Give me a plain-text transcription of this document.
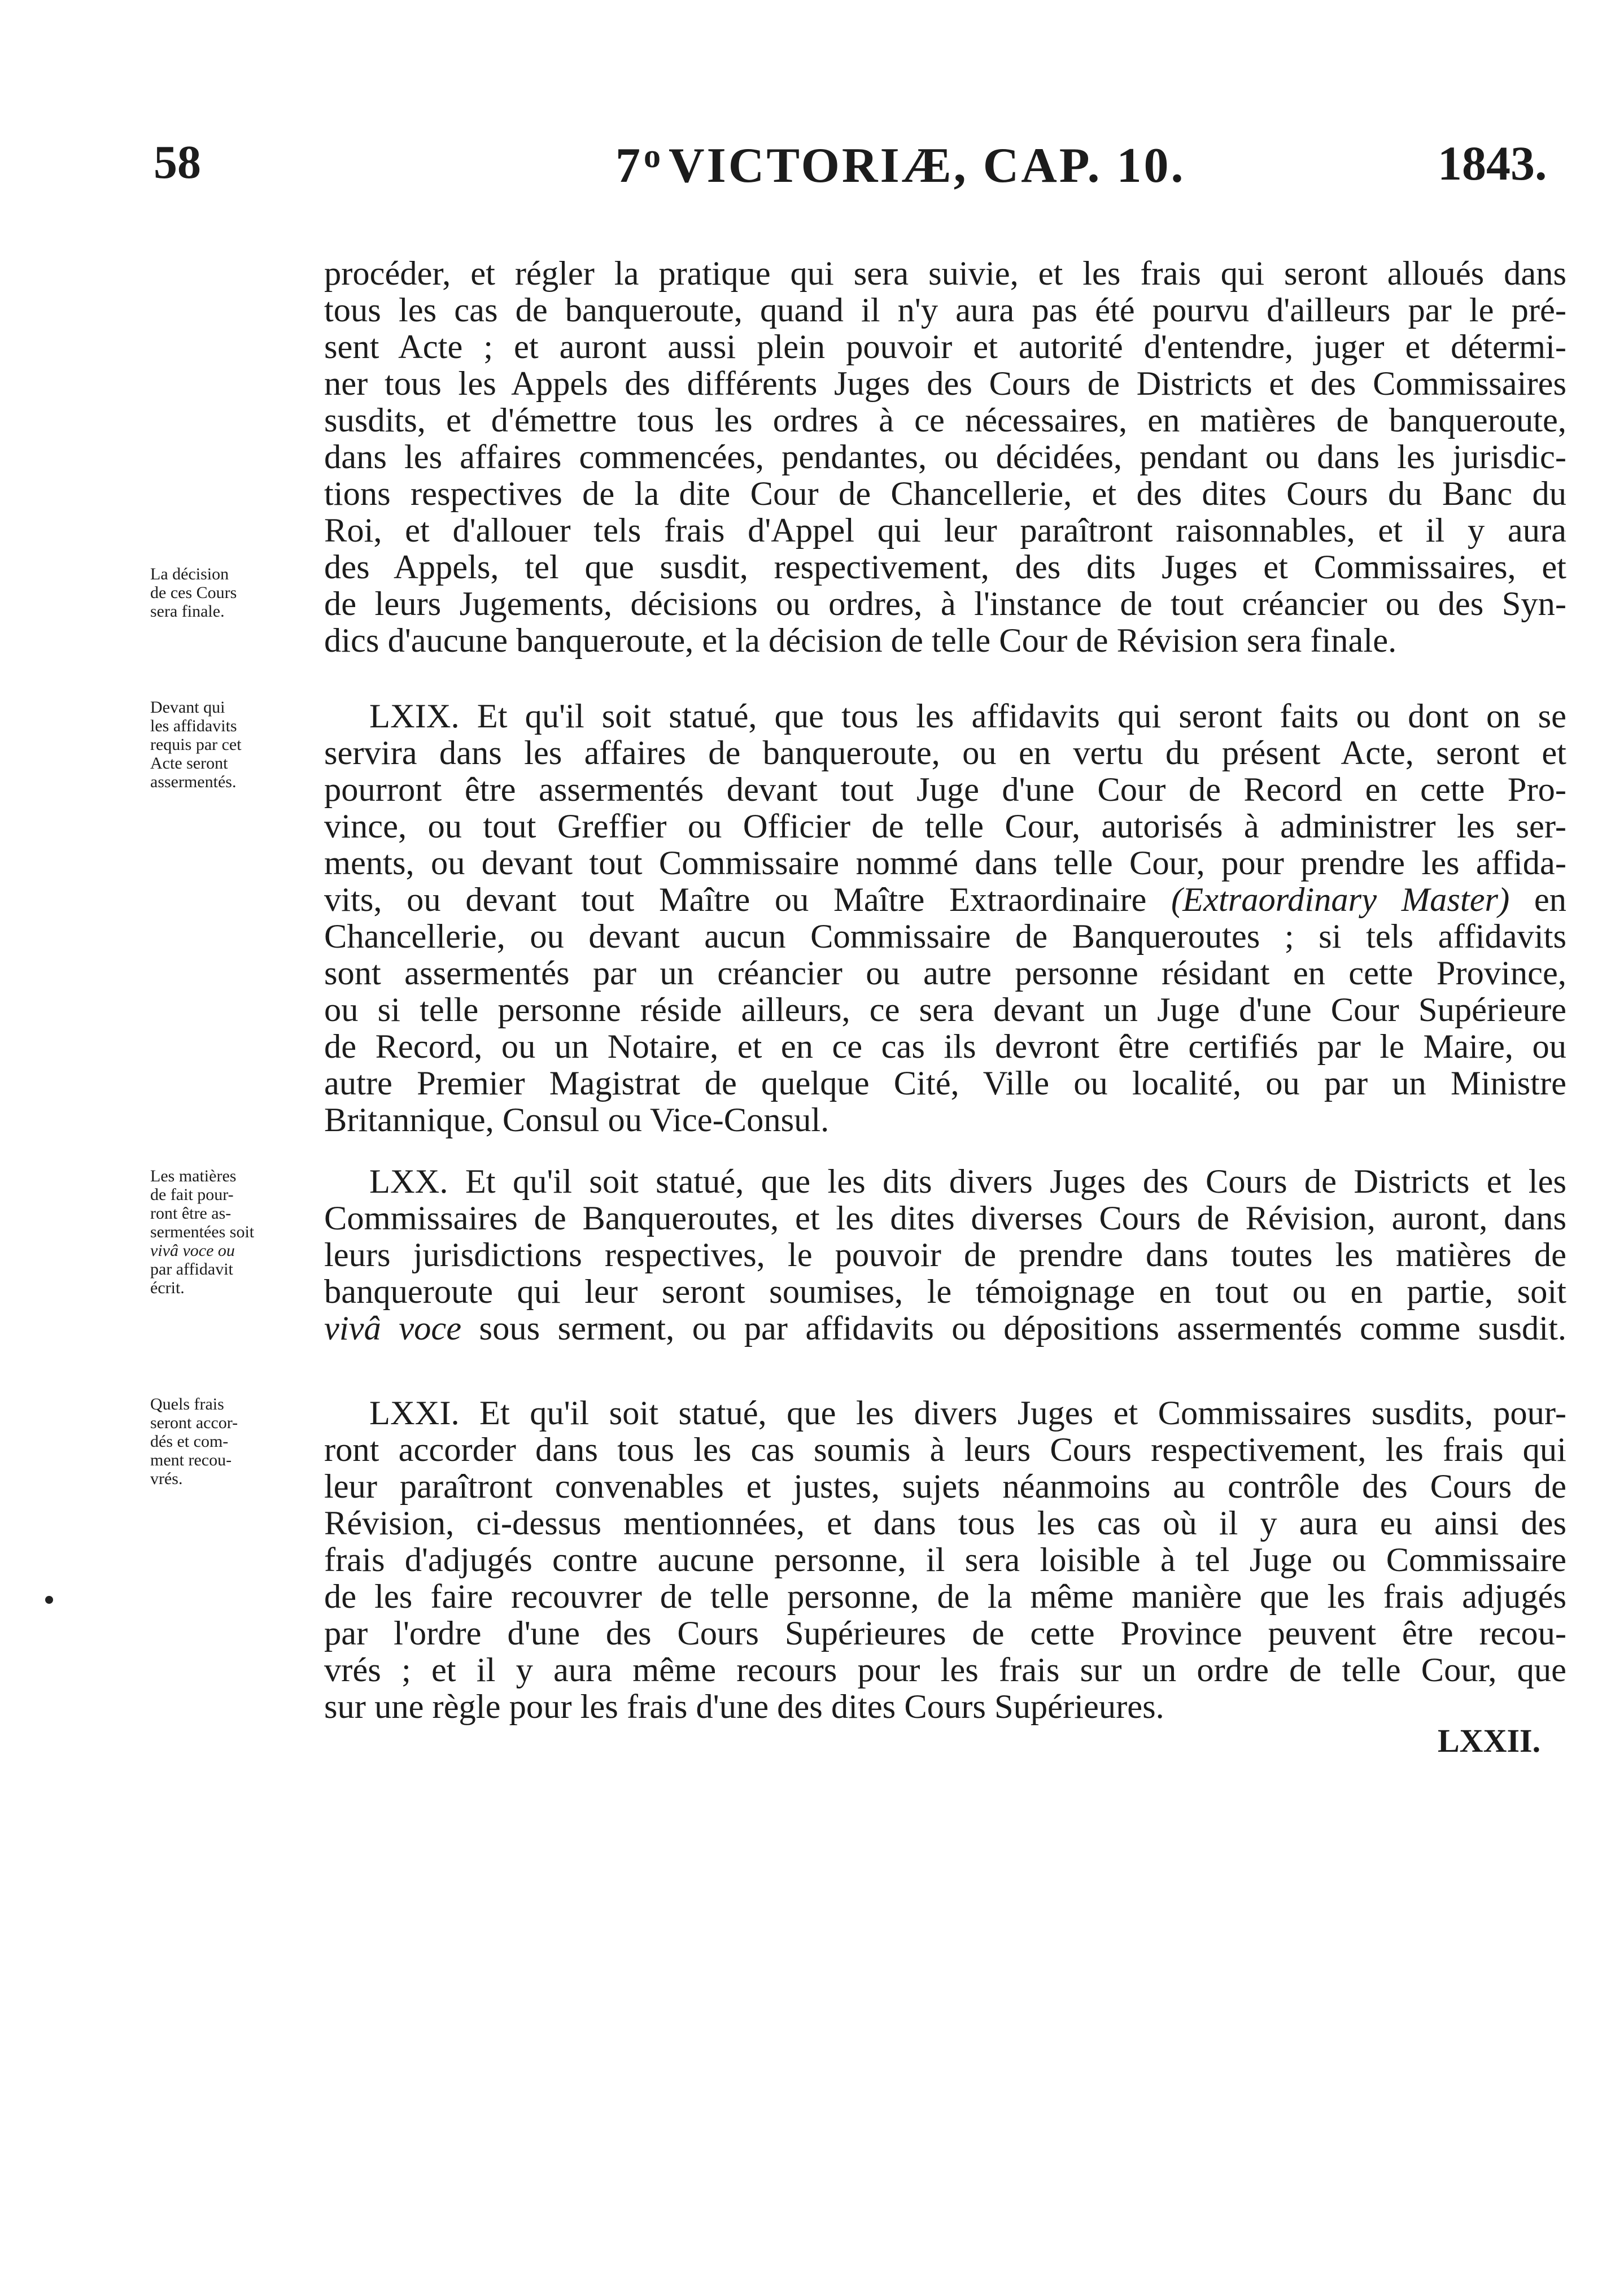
58	7$^o$ VICTORIÆ, CAP. 10.	1843.
procéder, et régler la pratique qui sera suivie, et les frais qui seront alloués dans
tous les cas de banqueroute, quand il n'y aura pas été pourvu d'ailleurs par le pré-
sent Acte ; et auront aussi plein pouvoir et autorité d'entendre, juger et détermi-
ner tous les Appels des différents Juges des Cours de Districts et des Commissaires
susdits, et d'émettre tous les ordres à ce nécessaires, en matières de banqueroute,
dans les affaires commencées, pendantes, ou décidées, pendant ou dans les jurisdic-
tions respectives de la dite Cour de Chancellerie, et des dites Cours du Banc du
Roi, et d'allouer tels frais d'Appel qui leur paraîtront raisonnables, et il y aura
des Appels, tel que susdit, respectivement, des dits Juges et Commissaires, et
de leurs Jugements, décisions ou ordres, à l'instance de tout créancier ou des Syn-
dics d'aucune banqueroute, et la décision de telle Cour de Révision sera finale.
LXIX. Et qu'il soit statué, que tous les affidavits qui seront faits ou dont on se
servira dans les affaires de banqueroute, ou en vertu du présent Acte, seront et
pourront être assermentés devant tout Juge d'une Cour de Record en cette Pro-
vince, ou tout Greffier ou Officier de telle Cour, autorisés à administrer les ser-
ments, ou devant tout Commissaire nommé dans telle Cour, pour prendre les affida-
vits, ou devant tout Maître ou Maître Extraordinaire (Extraordinary Master) en
Chancellerie, ou devant aucun Commissaire de Banqueroutes ; si tels affidavits
sont assermentés par un créancier ou autre personne résidant en cette Province,
ou si telle personne réside ailleurs, ce sera devant un Juge d'une Cour Supérieure
de Record, ou un Notaire, et en ce cas ils devront être certifiés par le Maire, ou
autre Premier Magistrat de quelque Cité, Ville ou localité, ou par un Ministre
Britannique, Consul ou Vice-Consul.
LXX. Et qu'il soit statué, que les dits divers Juges des Cours de Districts et les
Commissaires de Banqueroutes, et les dites diverses Cours de Révision, auront, dans
leurs jurisdictions respectives, le pouvoir de prendre dans toutes les matières de
banqueroute qui leur seront soumises, le témoignage en tout ou en partie, soit
vivâ voce sous serment, ou par affidavits ou dépositions assermentés comme susdit.
LXXI. Et qu'il soit statué, que les divers Juges et Commissaires susdits, pour-
ront accorder dans tous les cas soumis à leurs Cours respectivement, les frais qui
leur paraîtront convenables et justes, sujets néanmoins au contrôle des Cours de
Révision, ci-dessus mentionnées, et dans tous les cas où il y aura eu ainsi des
frais d'adjugés contre aucune personne, il sera loisible à tel Juge ou Commissaire
de les faire recouvrer de telle personne, de la même manière que les frais adjugés
par l'ordre d'une des Cours Supérieures de cette Province peuvent être recou-
vrés ; et il y aura même recours pour les frais sur un ordre de telle Cour, que
sur une règle pour les frais d'une des dites Cours Supérieures.
La décision
de ces Cours
sera finale.
Devant qui
les affidavits
requis par cet
Acte seront
assermentés.
Les matières
de fait pour-
ront être as-
sermentées soit
vivâ voce ou
par affidavit
écrit.
Quels frais
seront accor-
dés et com-
ment recou-
vrés.
LXXII.
